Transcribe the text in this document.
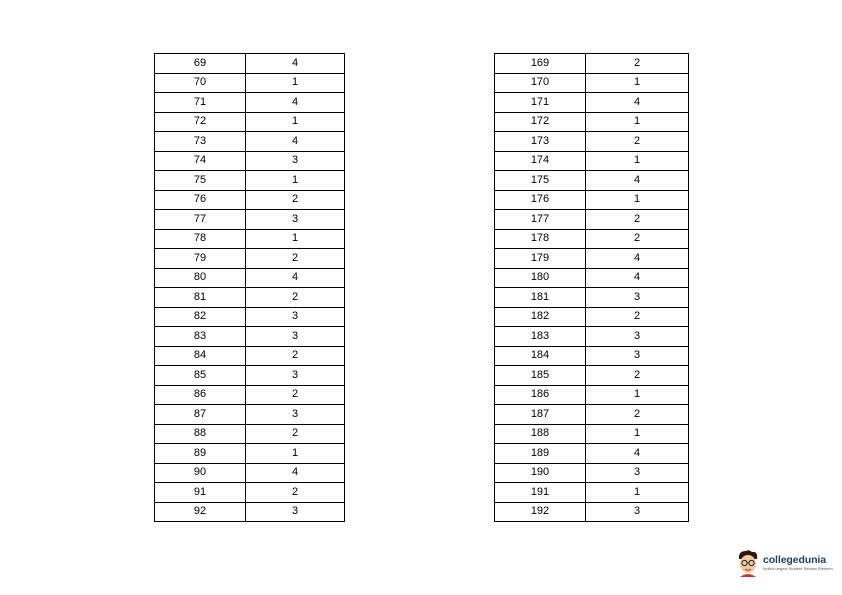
69	4
70	1
71	4
72	1
73	4
74	3
75	1
76	2
77	3
78	1
79	2
80	4
81	2
82	3
83	3
84	2
85	3
86	2
87	3
88	2
89	1
90	4
91	2
92	3
169	2
170	1
171	4
172	1
173	2
174	1
175	4
176	1
177	2
178	2
179	4
180	4
181	3
182	2
183	3
184	3
185	2
186	1
187	2
188	1
189	4
190	3
191	1
192	3
collegedunia
India's largest Student Review Platform
